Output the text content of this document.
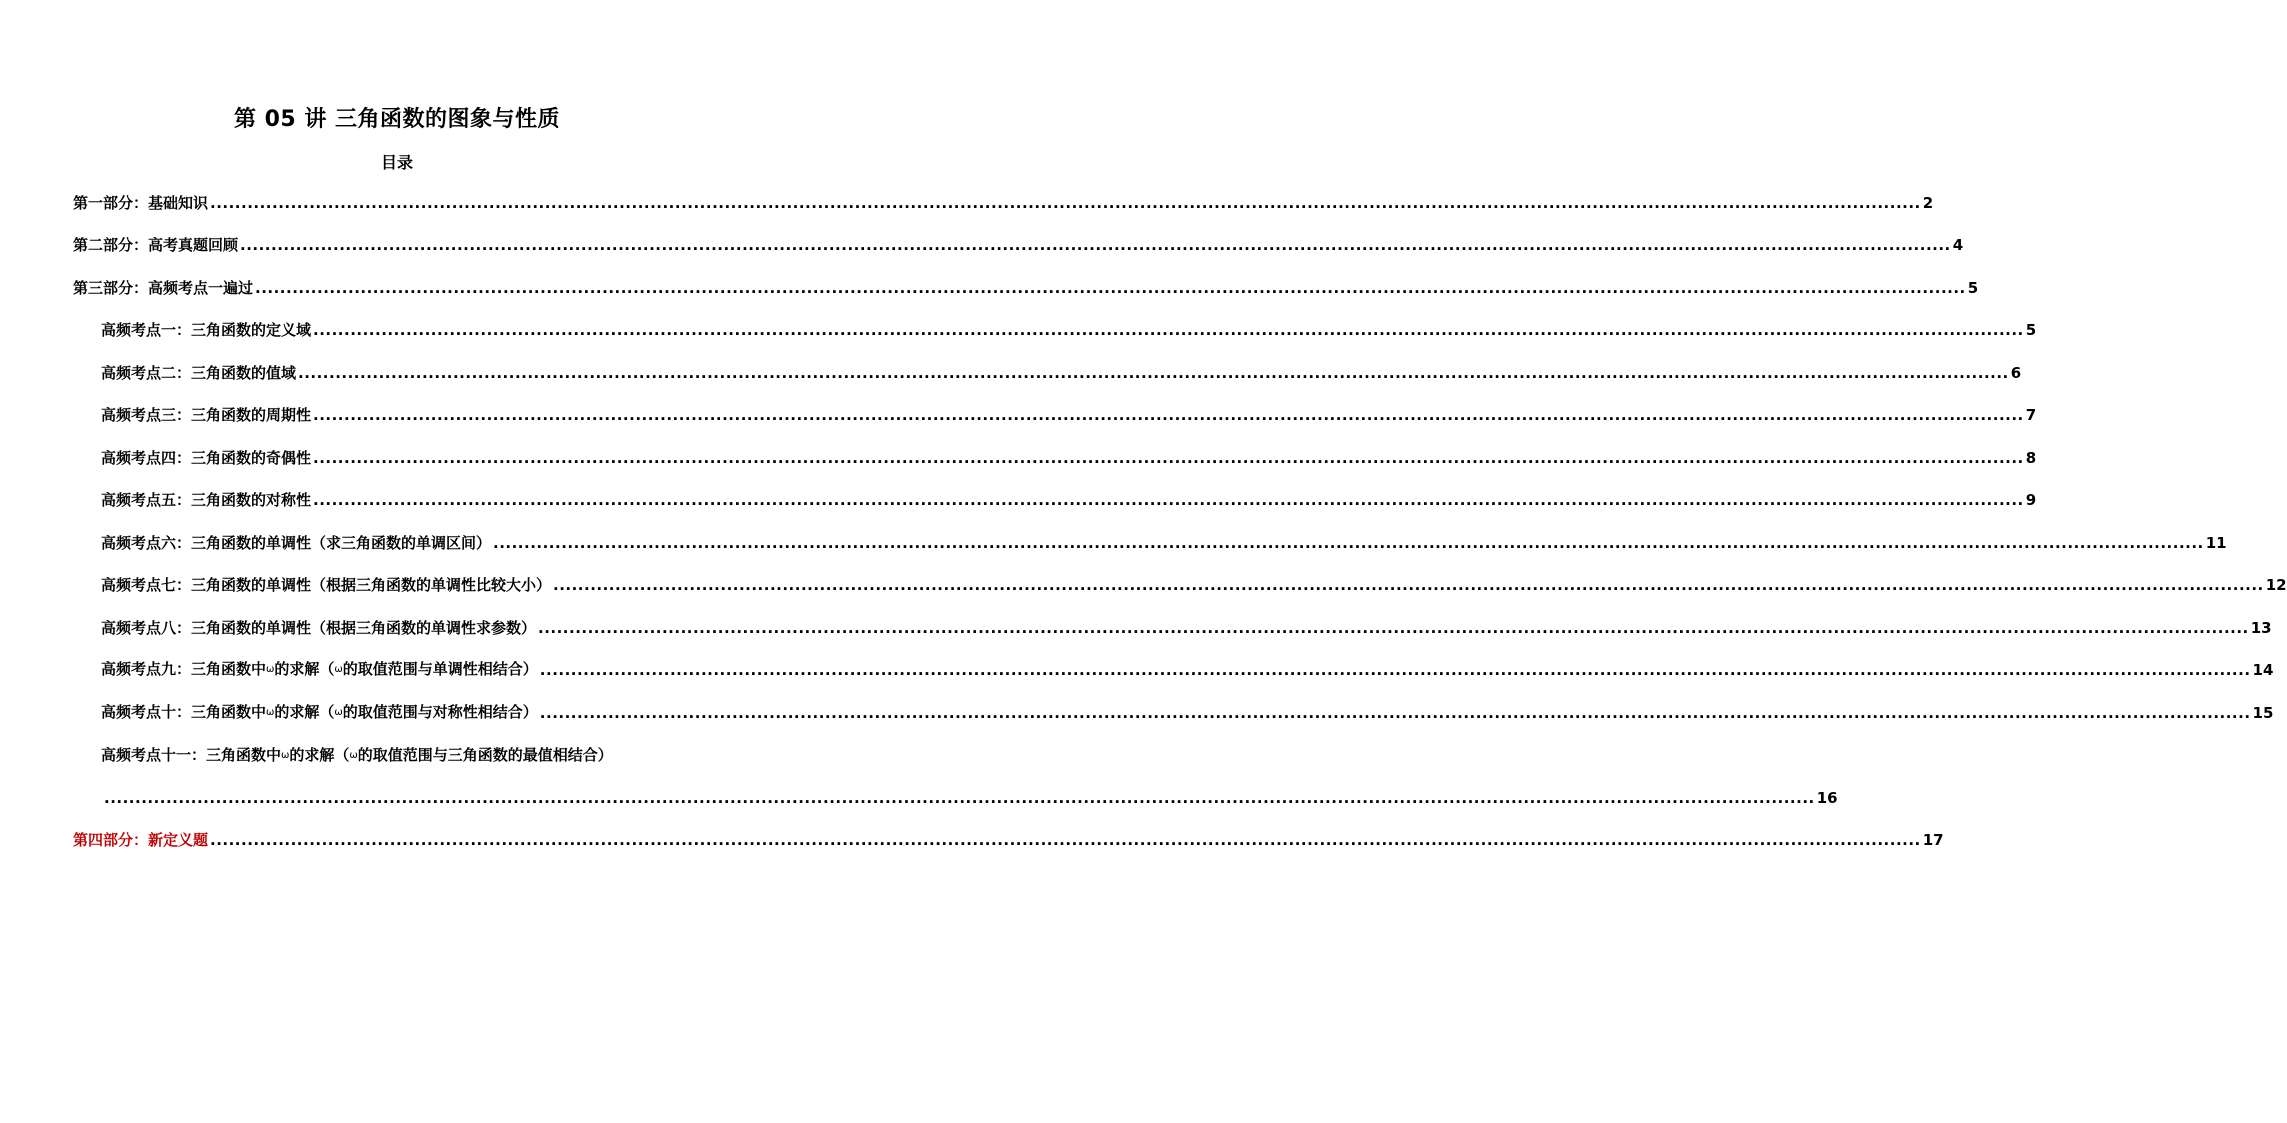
第 05 讲 三角函数的图象与性质
目录
第一部分：基础知识 .................................................................................................................................................................................................................................................................................... 2
第二部分：高考真题回顾 .................................................................................................................................................................................................................................................................................... 4
第三部分：高频考点一遍过 .................................................................................................................................................................................................................................................................................... 5
高频考点一：三角函数的定义域 .................................................................................................................................................................................................................................................................................... 5
高频考点二：三角函数的值域 .................................................................................................................................................................................................................................................................................... 6
高频考点三：三角函数的周期性 .................................................................................................................................................................................................................................................................................... 7
高频考点四：三角函数的奇偶性 .................................................................................................................................................................................................................................................................................... 8
高频考点五：三角函数的对称性 .................................................................................................................................................................................................................................................................................... 9
高频考点六：三角函数的单调性（求三角函数的单调区间） .................................................................................................................................................................................................................................................................................... 11
高频考点七：三角函数的单调性（根据三角函数的单调性比较大小） .................................................................................................................................................................................................................................................................................... 12
高频考点八：三角函数的单调性（根据三角函数的单调性求参数） .................................................................................................................................................................................................................................................................................... 13
高频考点九：三角函数中ω的求解（ω的取值范围与单调性相结合） .................................................................................................................................................................................................................................................................................... 14
高频考点十：三角函数中ω的求解（ω的取值范围与对称性相结合） .................................................................................................................................................................................................................................................................................... 15
高频考点十一：三角函数中ω的求解（ω的取值范围与三角函数的最值相结合）
.................................................................................................................................................................................................................................................................................... 16
第四部分：新定义题 .................................................................................................................................................................................................................................................................................... 17
